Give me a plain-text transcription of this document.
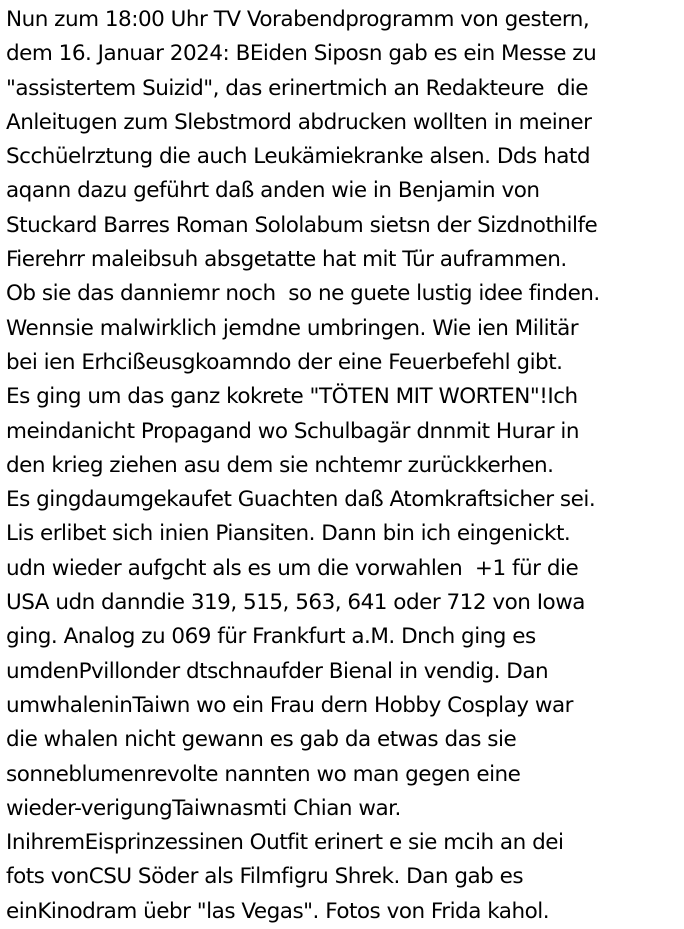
Nun zum 18:00 Uhr TV Vorabendprogramm von gestern,
dem 16. Januar 2024: BEiden Siposn gab es ein Messe zu
"assistertem Suizid", das erinertmich an Redakteure  die
Anleitugen zum Slebstmord abdrucken wollten in meiner
Scchüelrztung die auch Leukämiekranke alsen. Dds hatd
aqann dazu geführt daß anden wie in Benjamin von
Stuckard Barres Roman Sololabum sietsn der Sizdnothilfe
Fierehrr maleibsuh absgetatte hat mit Tür auframmen.
Ob sie das danniemr noch  so ne guete lustig idee finden.
Wennsie malwirklich jemdne umbringen. Wie ien Militär
bei ien Erhcißeusgkoamndo der eine Feuerbefehl gibt.
Es ging um das ganz kokrete "TÖTEN MIT WORTEN"!Ich
meindanicht Propagand wo Schulbagär dnnmit Hurar in
den krieg ziehen asu dem sie nchtemr zurückkerhen.
Es gingdaumgekaufet Guachten daß Atomkraftsicher sei.
Lis erlibet sich inien Piansiten. Dann bin ich eingenickt.
udn wieder aufgcht als es um die vorwahlen  +1 für die
USA udn danndie 319, 515, 563, 641 oder 712 von Iowa
ging. Analog zu 069 für Frankfurt a.M. Dnch ging es
umdenPvillonder dtschnaufder Bienal in vendig. Dan
umwhaleninTaiwn wo ein Frau dern Hobby Cosplay war
die whalen nicht gewann es gab da etwas das sie
sonneblumenrevolte nannten wo man gegen eine
wieder-verigungTaiwnasmti Chian war.
InihremEisprinzessinen Outfit erinert e sie mcih an dei
fots vonCSU Söder als Filmfigru Shrek. Dan gab es
einKinodram üebr "las Vegas". Fotos von Frida kahol.
